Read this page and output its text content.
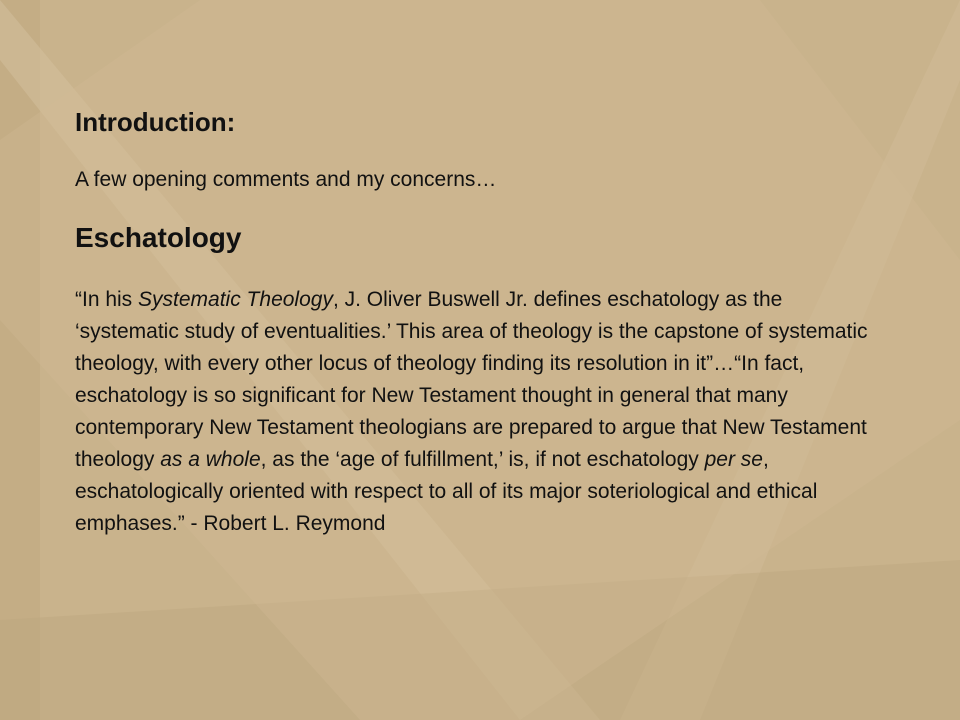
Introduction:

A few opening comments and my concerns…

Eschatology

“In his Systematic Theology, J. Oliver Buswell Jr. defines eschatology as the ‘systematic study of eventualities.’ This area of theology is the capstone of systematic theology, with every other locus of theology finding its resolution in it”…“In fact, eschatology is so significant for New Testament thought in general that many contemporary New Testament theologians are prepared to argue that New Testament theology as a whole, as the ‘age of fulfillment,’ is, if not eschatology per se, eschatologically oriented with respect to all of its major soteriological and ethical emphases.” - Robert L. Reymond
